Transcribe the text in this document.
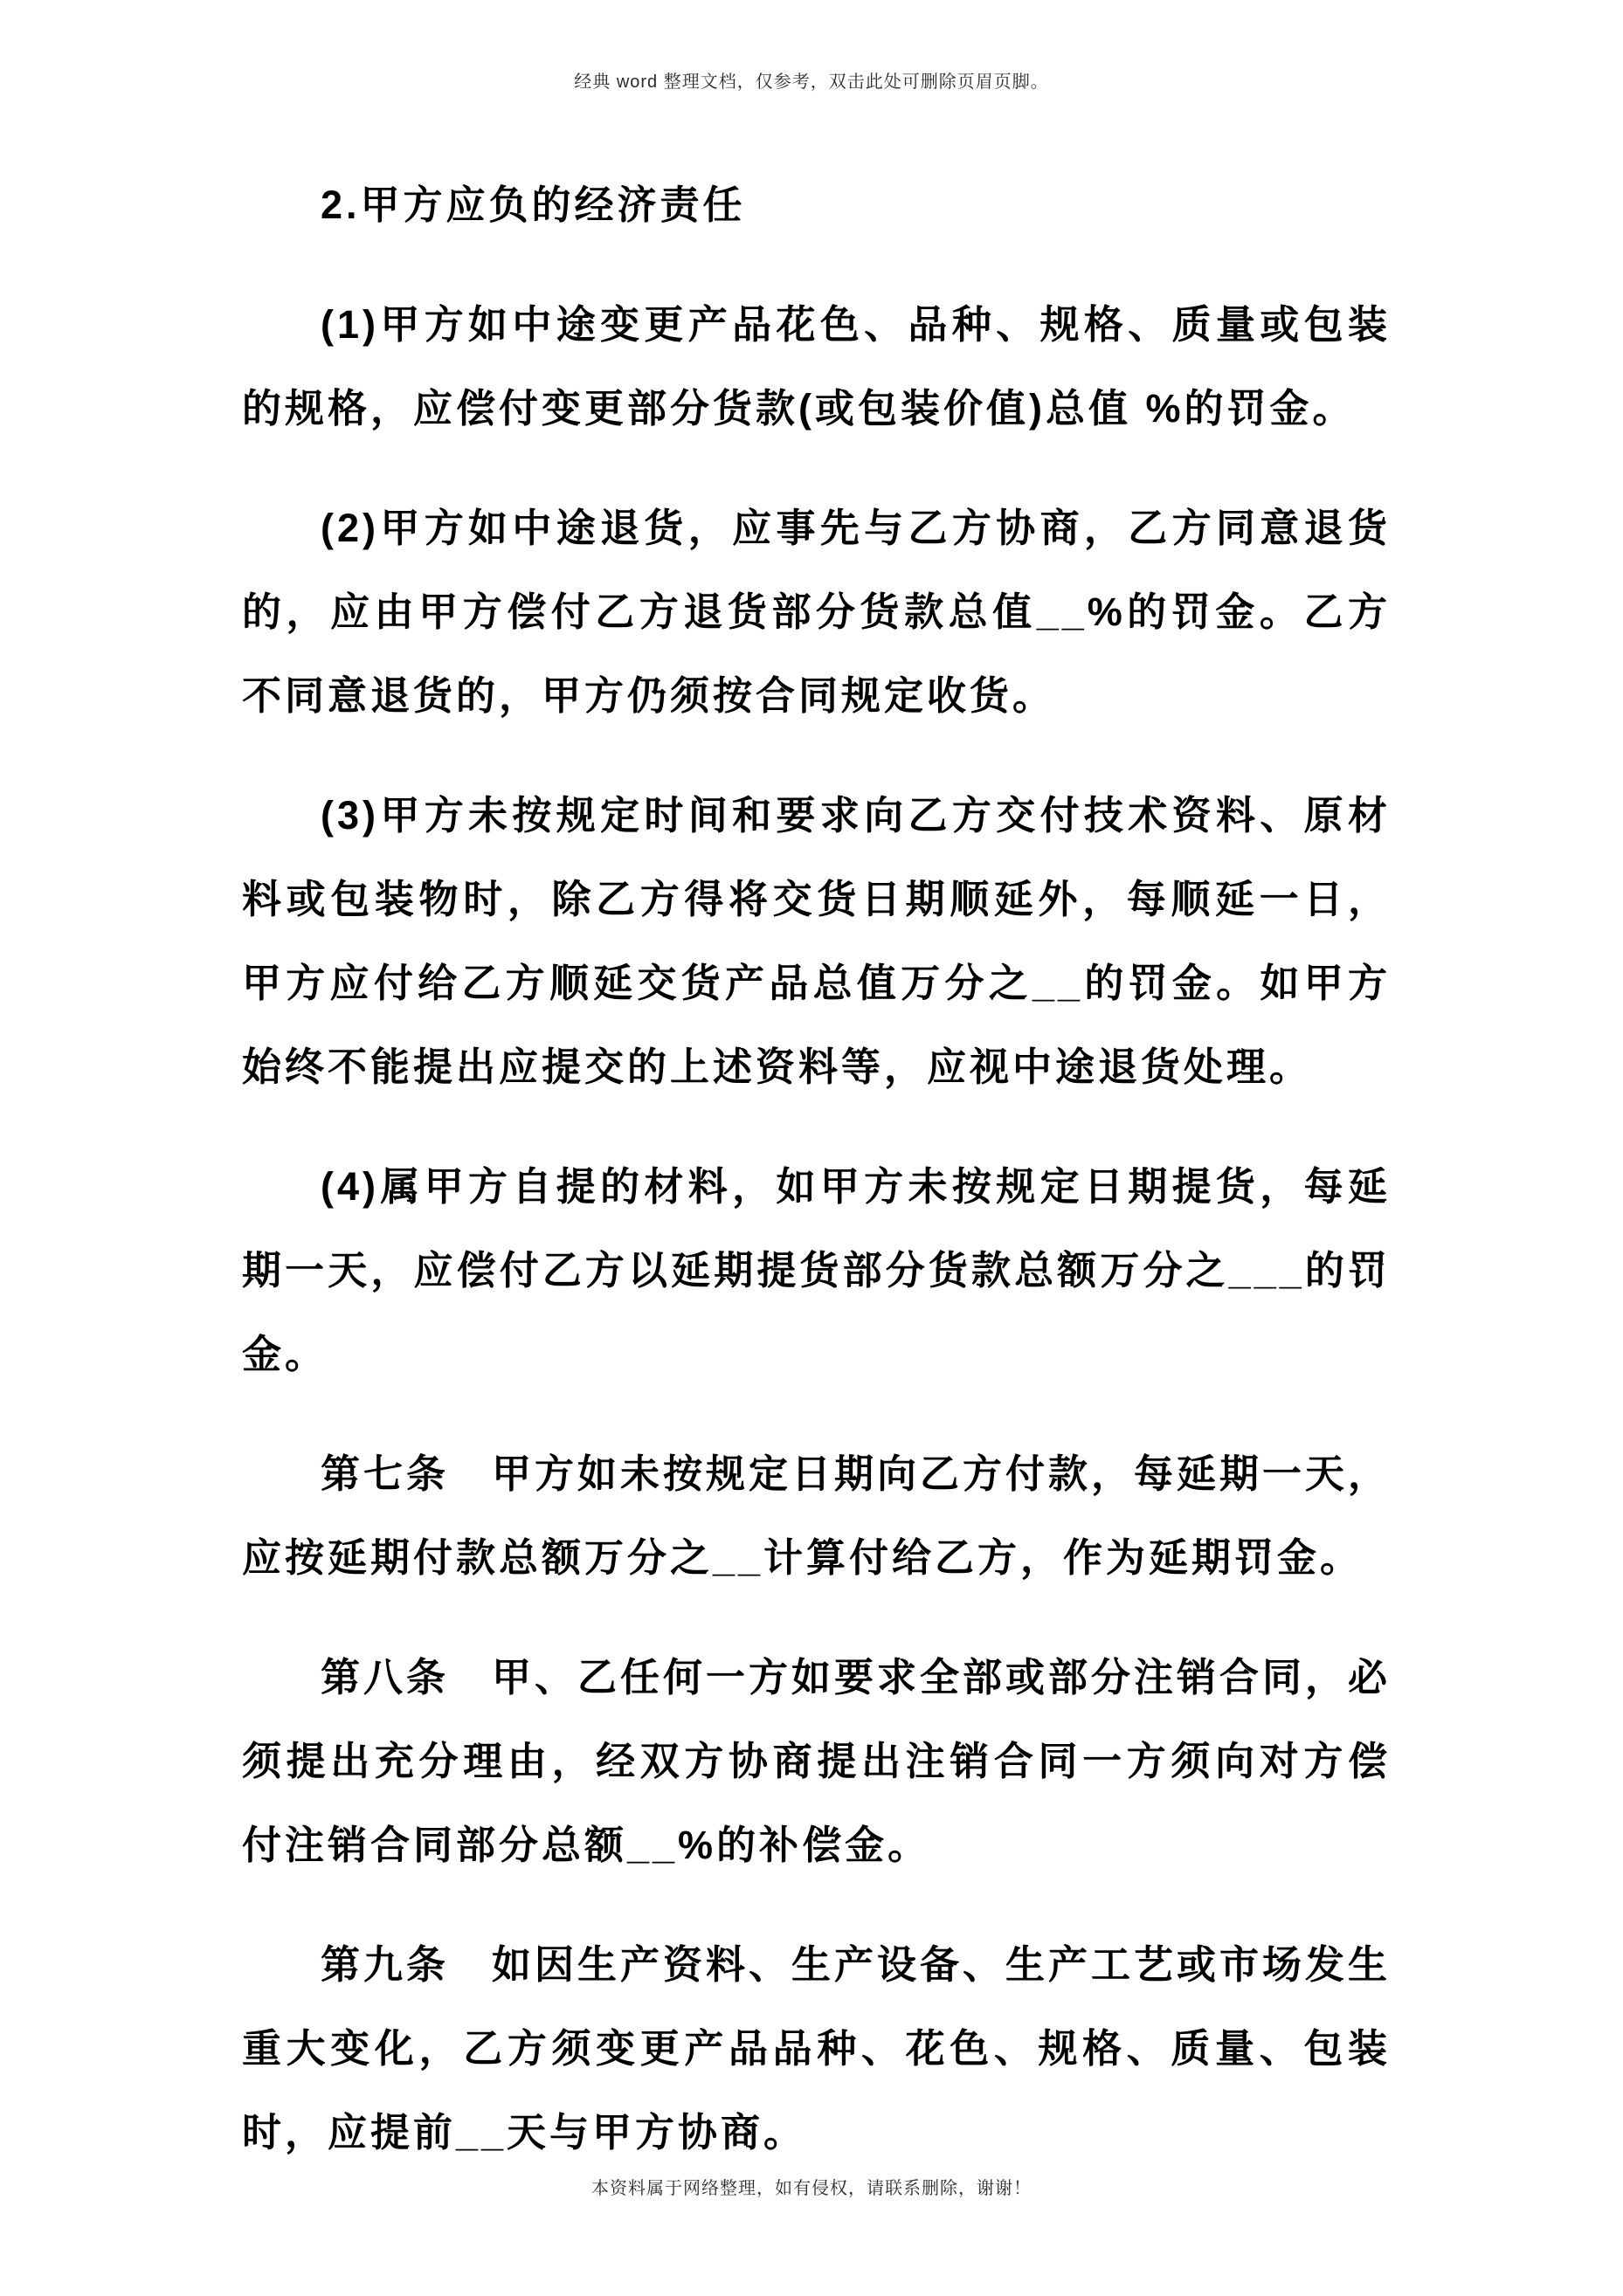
经典 word 整理文档，仅参考，双击此处可删除页眉页脚。

2.甲方应负的经济责任

(1)甲方如中途变更产品花色、品种、规格、质量或包装的规格，应偿付变更部分货款(或包装价值)总值 %的罚金。

(2)甲方如中途退货，应事先与乙方协商，乙方同意退货的，应由甲方偿付乙方退货部分货款总值__%的罚金。乙方不同意退货的，甲方仍须按合同规定收货。

(3)甲方未按规定时间和要求向乙方交付技术资料、原材料或包装物时，除乙方得将交货日期顺延外，每顺延一日，甲方应付给乙方顺延交货产品总值万分之__的罚金。如甲方始终不能提出应提交的上述资料等，应视中途退货处理。

(4)属甲方自提的材料，如甲方未按规定日期提货，每延期一天，应偿付乙方以延期提货部分货款总额万分之___的罚金。

第七条　甲方如未按规定日期向乙方付款，每延期一天，应按延期付款总额万分之__计算付给乙方，作为延期罚金。

第八条　甲、乙任何一方如要求全部或部分注销合同，必须提出充分理由，经双方协商提出注销合同一方须向对方偿付注销合同部分总额__%的补偿金。

第九条　如因生产资料、生产设备、生产工艺或市场发生重大变化，乙方须变更产品品种、花色、规格、质量、包装时，应提前__天与甲方协商。

本资料属于网络整理，如有侵权，请联系删除，谢谢！
